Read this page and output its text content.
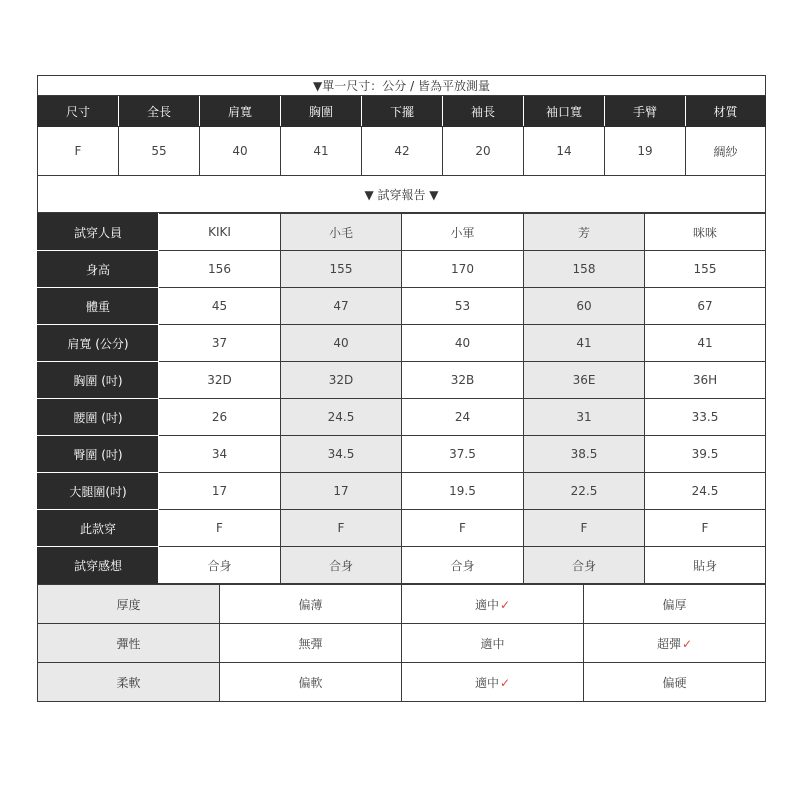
▼單一尺寸：公分 / 皆為平放測量								
尺寸	全長	肩寬	胸圍	下擺	袖長	袖口寬	手臂	材質
F	55	40	41	42	20	14	19	綢紗
▼ 試穿報告 ▼								
試穿人員	KIKI	小毛	小軍	芳	咪咪
身高	156	155	170	158	155
體重	45	47	53	60	67
肩寬 (公分)	37	40	40	41	41
胸圍 (吋)	32D	32D	32B	36E	36H
腰圍 (吋)	26	24.5	24	31	33.5
臀圍 (吋)	34	34.5	37.5	38.5	39.5
大腿圍(吋)	17	17	19.5	22.5	24.5
此款穿	F	F	F	F	F
試穿感想	合身	合身	合身	合身	貼身
厚度	偏薄	適中✓	偏厚
彈性	無彈	適中	超彈✓
柔軟	偏軟	適中✓	偏硬
